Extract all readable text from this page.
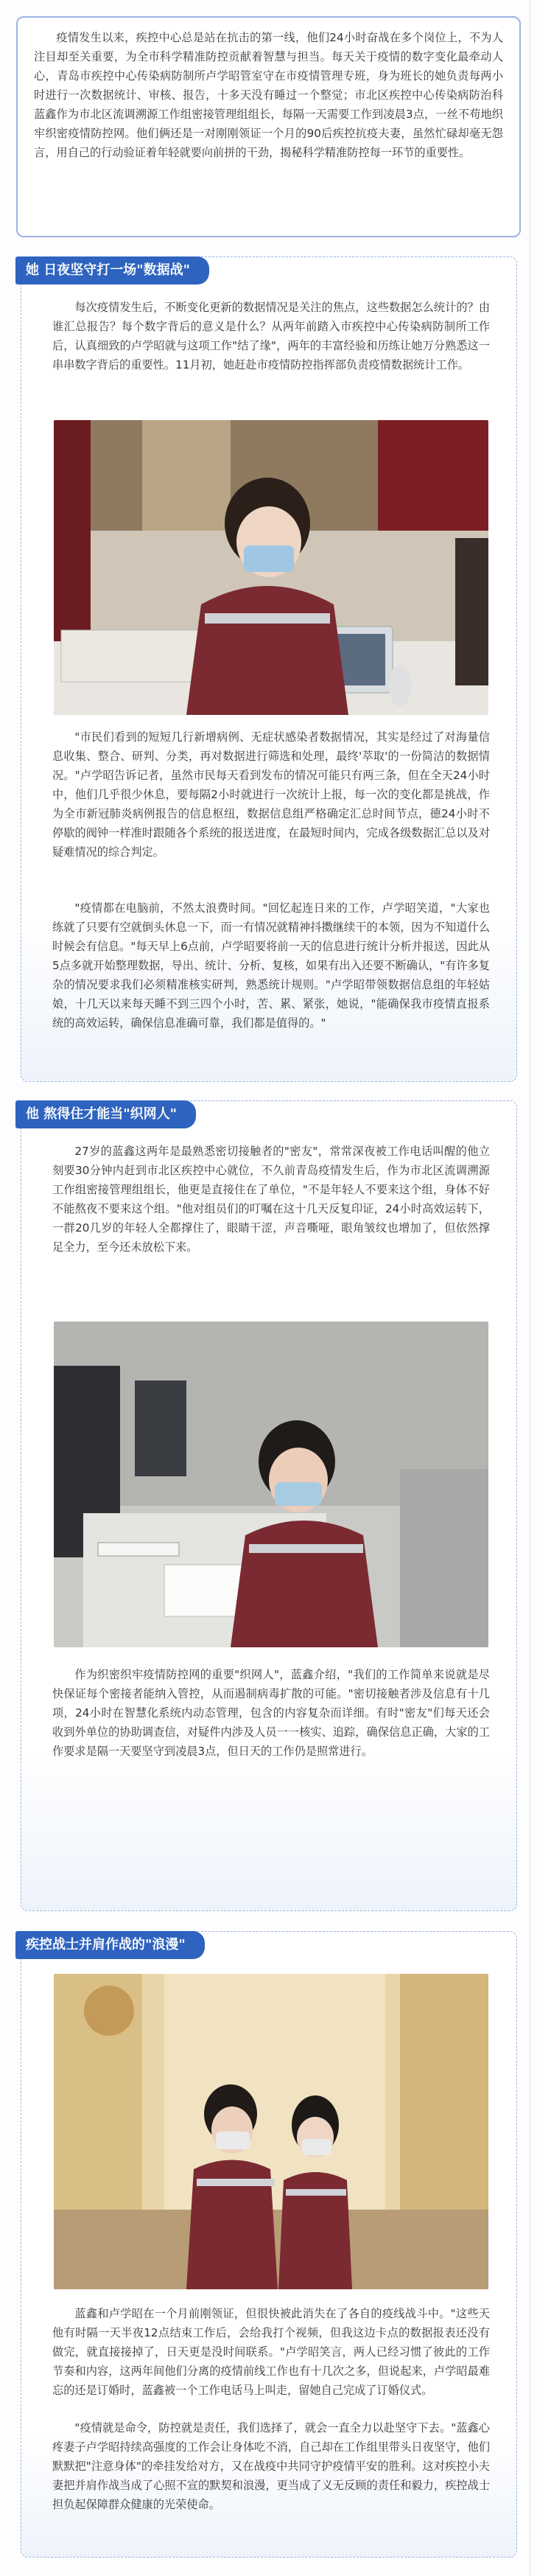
疫情发生以来，疾控中心总是站在抗击的第一线，他们24小时奋战在多个岗位上，不为人注目却至关重要，为全市科学精准防控贡献着智慧与担当。每天关于疫情的数字变化最牵动人心，青岛市疾控中心传染病防制所卢学昭管室守在市疫情管理专班，身为班长的她负责每两小时进行一次数据统计、审核、报告，十多天没有睡过一个整觉；市北区疾控中心传染病防治科蓝鑫作为市北区流调溯源工作组密接管理组组长，每隔一天需要工作到凌晨3点，一丝不苟地织牢织密疫情防控网。他们俩还是一对刚刚领证一个月的90后疾控抗疫夫妻，虽然忙碌却毫无怨言，用自己的行动验证着年轻就要向前拼的干劲，揭秘科学精准防控每一环节的重要性。

她 日夜坚守打一场"数据战"

每次疫情发生后，不断变化更新的数据情况是关注的焦点，这些数据怎么统计的？由谁汇总报告？每个数字背后的意义是什么？从两年前踏入市疾控中心传染病防制所工作后，认真细致的卢学昭就与这项工作"结了缘"，两年的丰富经验和历练让她万分熟悉这一串串数字背后的重要性。11月初，她赶赴市疫情防控指挥部负责疫情数据统计工作。

"市民们看到的短短几行新增病例、无症状感染者数据情况，其实是经过了对海量信息收集、整合、研判、分类，再对数据进行筛选和处理，最终'萃取'的一份简洁的数据情况。"卢学昭告诉记者，虽然市民每天看到发布的情况可能只有两三条，但在全天24小时中，他们几乎很少休息，要每隔2小时就进行一次统计上报，每一次的变化都是挑战，作为全市新冠肺炎病例报告的信息枢纽，数据信息组严格确定汇总时间节点，德24小时不停歇的阀钟一样准时跟随各个系统的报送进度，在最短时间内，完成各级数据汇总以及对疑难情况的综合判定。

"疫情都在电脑前，不然太浪费时间。"回忆起连日来的工作，卢学昭笑道，"大家也练就了只要有空就倒头休息一下，而一有情况就精神抖擞继续干的本领，因为不知道什么时候会有信息。"每天早上6点前，卢学昭要将前一天的信息进行统计分析并报送，因此从5点多就开始整理数据，导出、统计、分析、复核，如果有出入还要不断确认，"有许多复杂的情况要求我们必须精准核实研判，熟悉统计规则。"卢学昭带领数据信息组的年轻姑娘，十几天以来每天睡不到三四个小时，苦、累、紧张，她说，"能确保我市疫情直报系统的高效运转，确保信息准确可靠，我们都是值得的。"

他 熬得住才能当"织网人"

27岁的蓝鑫这两年是最熟悉密切接触者的"密友"，常常深夜被工作电话叫醒的他立刻要30分钟内赶到市北区疾控中心就位，不久前青岛疫情发生后，作为市北区流调溯源工作组密接管理组组长，他更是直接住在了单位，"不是年轻人不要来这个组，身体不好不能熬夜不要来这个组。"他对组员们的叮嘱在这十几天反复印证，24小时高效运转下，一群20几岁的年轻人全都撑住了，眼睛干涩，声音嘶哑，眼角皱纹也增加了，但依然撑足全力，至今还未放松下来。

作为织密织牢疫情防控网的重要"织网人"，蓝鑫介绍，"我们的工作简单来说就是尽快保证每个密接者能纳入管控，从而遏制病毒扩散的可能。"密切接触者涉及信息有十几项，24小时在智慧化系统内动态管理，包含的内容复杂而详细。有时"密友"们每天还会收到外单位的协助调查信，对疑件内涉及人员一一核实、追踪，确保信息正确，大家的工作要求是隔一天要坚守到凌晨3点，但日天的工作仍是照常进行。

疾控战士并肩作战的"浪漫"

蓝鑫和卢学昭在一个月前刚领证，但很快被此消失在了各自的疫线战斗中。"这些天他有时隔一天半夜12点结束工作后，会给我打个视频，但我这边卡点的数据报表还没有做完，就直接接掉了，日天更是没时间联系。"卢学昭笑言，两人已经习惯了彼此的工作节奏和内容，这两年间他们分离的疫情前线工作也有十几次之多，但说起来，卢学昭最难忘的还是订婚时，蓝鑫被一个工作电话马上叫走，留她自己完成了订婚仪式。

"疫情就是命令，防控就是责任，我们选择了，就会一直全力以赴坚守下去。"蓝鑫心疼妻子卢学昭持续高强度的工作会让身体吃不消，自己却在工作组里带头日夜坚守，他们默默把"注意身体"的牵挂发给对方，又在战疫中共同守护疫情平安的胜利。这对疾控小夫妻把并肩作战当成了心照不宣的默契和浪漫，更当成了义无反顾的责任和毅力，疾控战士担负起保障群众健康的光荣使命。
